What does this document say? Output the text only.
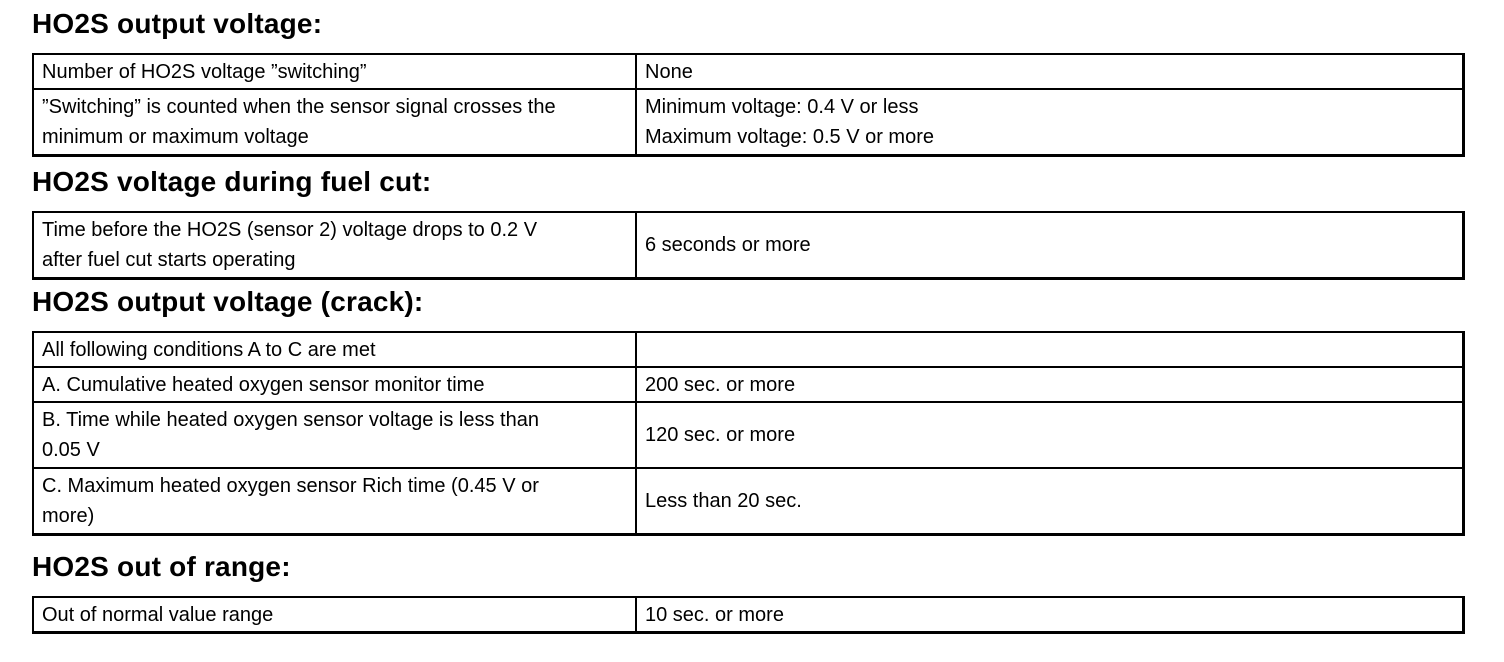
HO2S output voltage:
Number of HO2S voltage ”switching”	None
”Switching” is counted when the sensor signal crosses the
minimum or maximum voltage	Minimum voltage: 0.4 V or less
Maximum voltage: 0.5 V or more
HO2S voltage during fuel cut:
Time before the HO2S (sensor 2) voltage drops to 0.2 V
after fuel cut starts operating	6 seconds or more
HO2S output voltage (crack):
All following conditions A to C are met	
A. Cumulative heated oxygen sensor monitor time	200 sec. or more
B. Time while heated oxygen sensor voltage is less than
0.05 V	120 sec. or more
C. Maximum heated oxygen sensor Rich time (0.45 V or
more)	Less than 20 sec.
HO2S out of range:
Out of normal value range	10 sec. or more
